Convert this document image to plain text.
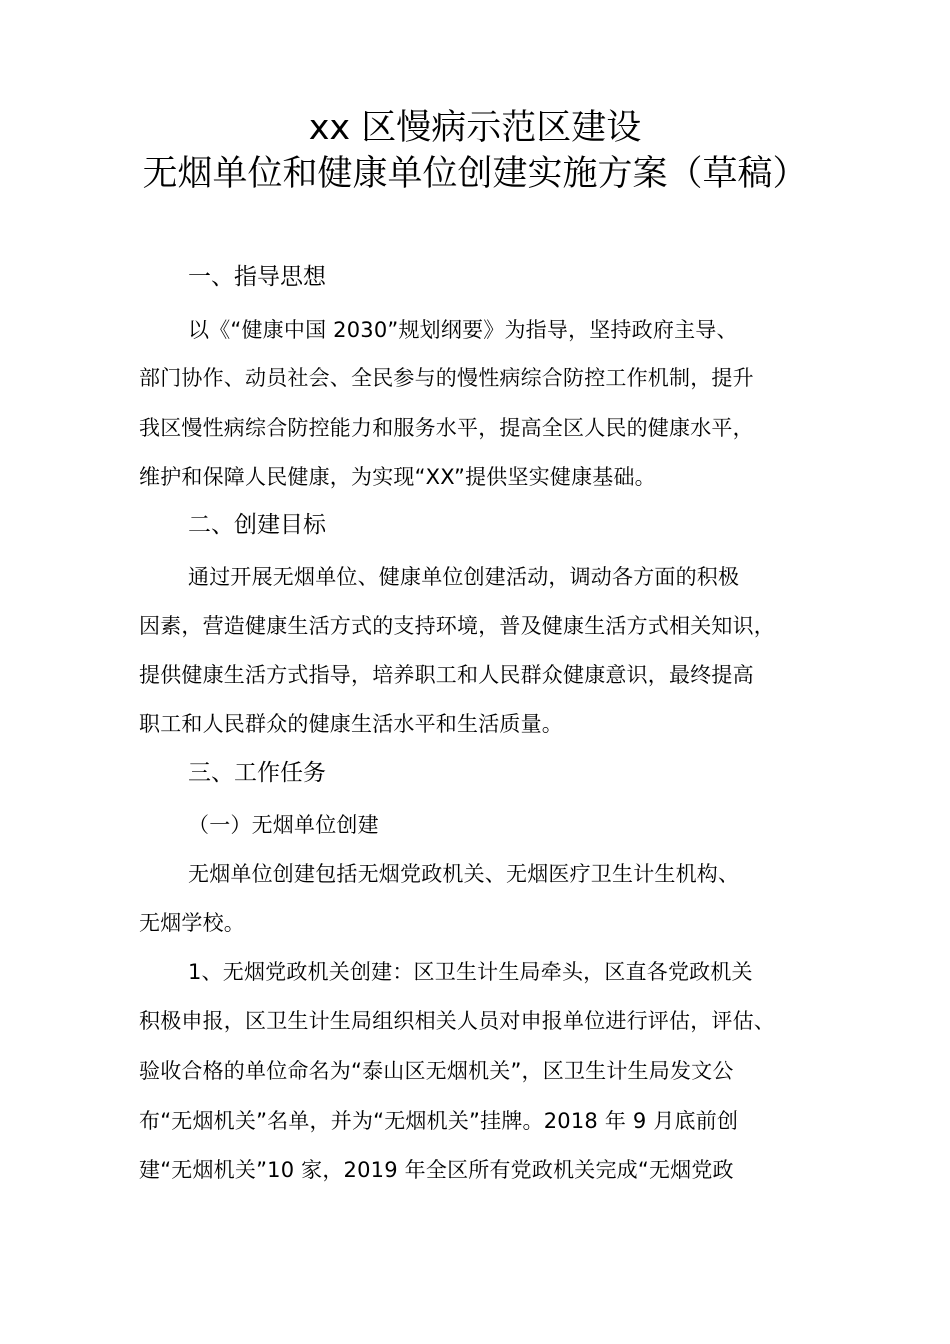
xx 区慢病示范区建设
无烟单位和健康单位创建实施方案（草稿）
一、指导思想
以《“健康中国 2030”规划纲要》为指导，坚持政府主导、
部门协作、动员社会、全民参与的慢性病综合防控工作机制，提升
我区慢性病综合防控能力和服务水平，提高全区人民的健康水平，
维护和保障人民健康，为实现“XX”提供坚实健康基础。
二、创建目标
通过开展无烟单位、健康单位创建活动，调动各方面的积极
因素，营造健康生活方式的支持环境，普及健康生活方式相关知识，
提供健康生活方式指导，培养职工和人民群众健康意识，最终提高
职工和人民群众的健康生活水平和生活质量。
三、工作任务
（一）无烟单位创建
无烟单位创建包括无烟党政机关、无烟医疗卫生计生机构、
无烟学校。
1、无烟党政机关创建：区卫生计生局牵头，区直各党政机关
积极申报，区卫生计生局组织相关人员对申报单位进行评估，评估、
验收合格的单位命名为“泰山区无烟机关”，区卫生计生局发文公
布“无烟机关”名单，并为“无烟机关”挂牌。2018 年 9 月底前创
建“无烟机关”10 家，2019 年全区所有党政机关完成“无烟党政
